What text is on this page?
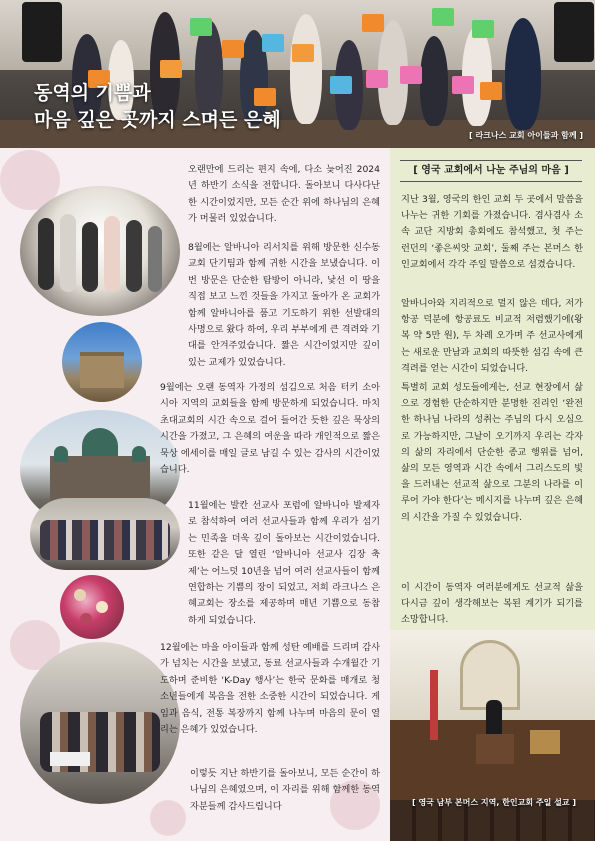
동역의 기쁨과
마음 깊은 곳까지 스며든 은혜
[ 라크나스 교회 아이들과 함께 ]
오랜만에 드리는 편지 속에, 다소 늦어진 2024년 하반기 소식을 전합니다. 돌아보니 다사다난한 시간이었지만, 모든 순간 위에 하나님의 은혜가 머물러 있었습니다.
8월에는 알바니아 리서치를 위해 방문한 신수동교회 단기팀과 함께 귀한 시간을 보냈습니다. 이번 방문은 단순한 탐방이 아니라, 낯선 이 땅을 직접 보고 느낀 것들을 가지고 돌아가 온 교회가 함께 알바니아를 품고 기도하기 위한 선발대의 사명으로 왔다 하여, 우리 부부에게 큰 격려와 기대를 안겨주었습니다. 짧은 시간이었지만 깊이 있는 교제가 있었습니다.
9월에는 오랜 동역자 가정의 섬김으로 처음 터키 소아시아 지역의 교회들을 함께 방문하게 되었습니다. 마치 초대교회의 시간 속으로 걸어 들어간 듯한 깊은 묵상의 시간을 가졌고, 그 은혜의 여운을 따라 개인적으로 짧은 묵상 에세이를 매일 글로 남길 수 있는 감사의 시간이었습니다.
11월에는 발칸 선교사 포럼에 알바니아 발제자로 참석하여 여러 선교사들과 함께 우리가 섬기는 민족을 더욱 깊이 돌아보는 시간이었습니다. 또한 같은 달 열린 ‘알바니아 선교사 김장 축제’는 어느덧 10년을 넘어 여러 선교사들이 함께 연합하는 기쁨의 장이 되었고, 저희 라크나스 은혜교회는 장소를 제공하며 매년 기쁨으로 동참하게 되었습니다.
12월에는 마을 아이들과 함께 성탄 예배를 드리며 감사가 넘치는 시간을 보냈고, 동료 선교사들과 수개월간 기도하며 준비한 ‘K-Day 행사’는 한국 문화를 매개로 청소년들에게 복음을 전한 소중한 시간이 되었습니다. 게임과 음식, 전통 복장까지 함께 나누며 마음의 문이 열리는 은혜가 있었습니다.
이렇듯 지난 하반기를 돌아보니, 모든 순간이 하나님의 은혜였으며, 이 자리를 위해 함께한 동역자분들께 감사드립니다
[ 영국 교회에서 나눈 주님의 마음 ]
지난 3월, 영국의 한인 교회 두 곳에서 말씀을 나누는 귀한 기회를 가졌습니다. 겸사겸사 소속 교단 지방회 총회에도 참석했고, 첫 주는 런던의 ‘좋은씨앗 교회’, 둘째 주는 본머스 한인교회에서 각각 주일 말씀으로 섬겼습니다.
알바니아와 지리적으로 멀지 않은 데다, 저가 항공 덕분에 항공료도 비교적 저렴했기에(왕복 약 5만 원), 두 차례 오가며 주 선교사에게는 새로운 만남과 교회의 따뜻한 섬김 속에 큰 격려를 얻는 시간이 되었습니다.
특별히 교회 성도들에게는, 선교 현장에서 삶으로 경험한 단순하지만 분명한 진리인 ‘완전한 하나님 나라의 성취는 주님의 다시 오심으로 가능하지만, 그날이 오기까지 우리는 각자의 삶의 자리에서 단순한 종교 행위를 넘어, 삶의 모든 영역과 시간 속에서 그리스도의 빛을 드러내는 선교적 삶으로 그분의 나라를 이루어 가야 한다’는 메시지를 나누며 깊은 은혜의 시간을 가질 수 있었습니다.
이 시간이 동역자 여러분에게도 선교적 삶을 다시금 깊이 생각해보는 복된 계기가 되기를 소망합니다.
[ 영국 남부 본머스 지역, 한인교회 주일 설교 ]
